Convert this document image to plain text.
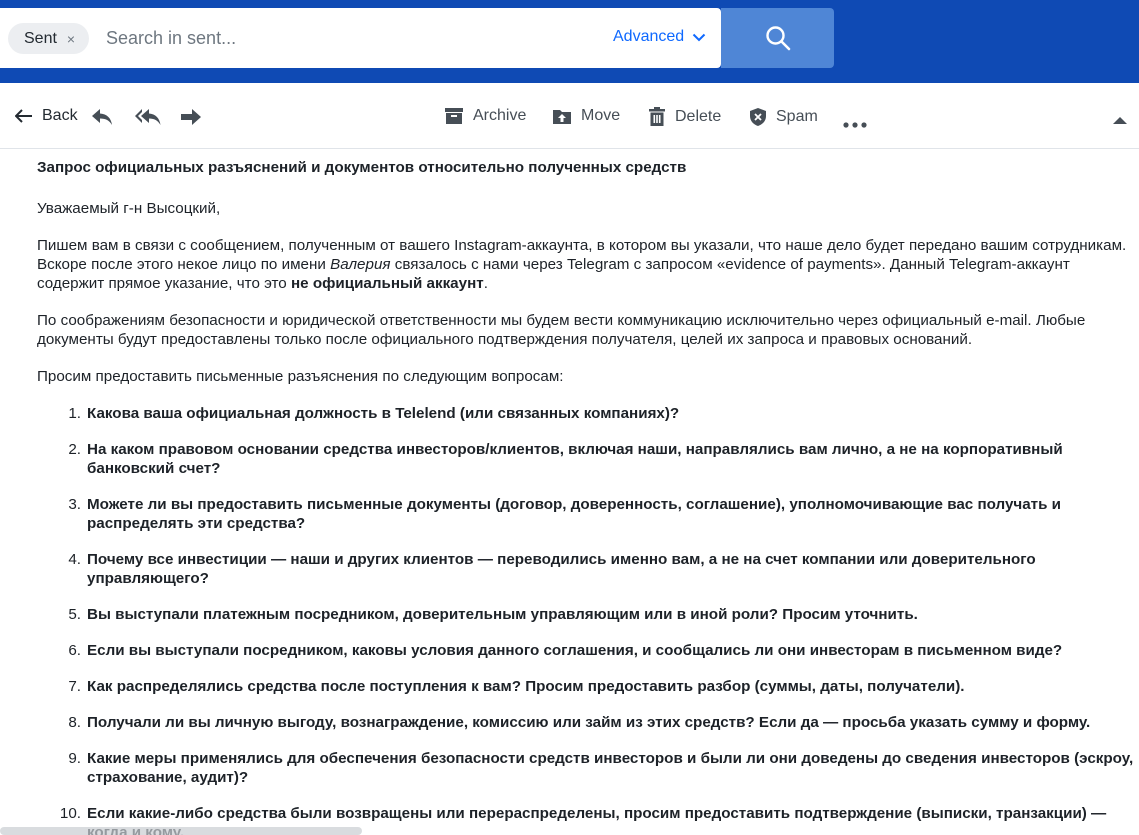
Sent ×
Search in sent...	Advanced
Back	Archive	Move	Delete	Spam

Запрос официальных разъяснений и документов относительно полученных средств

Уважаемый г-н Высоцкий,

Пишем вам в связи с сообщением, полученным от вашего Instagram-аккаунта, в котором вы указали, что наше дело будет передано вашим сотрудникам. Вскоре после этого некое лицо по имени Валерия связалось с нами через Telegram с запросом «evidence of payments». Данный Telegram-аккаунт содержит прямое указание, что это не официальный аккаунт.

По соображениям безопасности и юридической ответственности мы будем вести коммуникацию исключительно через официальный e-mail. Любые документы будут предоставлены только после официального подтверждения получателя, целей их запроса и правовых оснований.

Просим предоставить письменные разъяснения по следующим вопросам:

1. Какова ваша официальная должность в Telelend (или связанных компаниях)?
2. На каком правовом основании средства инвесторов/клиентов, включая наши, направлялись вам лично, а не на корпоративный банковский счет?
3. Можете ли вы предоставить письменные документы (договор, доверенность, соглашение), уполномочивающие вас получать и распределять эти средства?
4. Почему все инвестиции — наши и других клиентов — переводились именно вам, а не на счет компании или доверительного управляющего?
5. Вы выступали платежным посредником, доверительным управляющим или в иной роли? Просим уточнить.
6. Если вы выступали посредником, каковы условия данного соглашения, и сообщались ли они инвесторам в письменном виде?
7. Как распределялись средства после поступления к вам? Просим предоставить разбор (суммы, даты, получатели).
8. Получали ли вы личную выгоду, вознаграждение, комиссию или займ из этих средств? Если да — просьба указать сумму и форму.
9. Какие меры применялись для обеспечения безопасности средств инвесторов и были ли они доведены до сведения инвесторов (эскроу, страхование, аудит)?
10. Если какие-либо средства были возвращены или перераспределены, просим предоставить подтверждение (выписки, транзакции) —
